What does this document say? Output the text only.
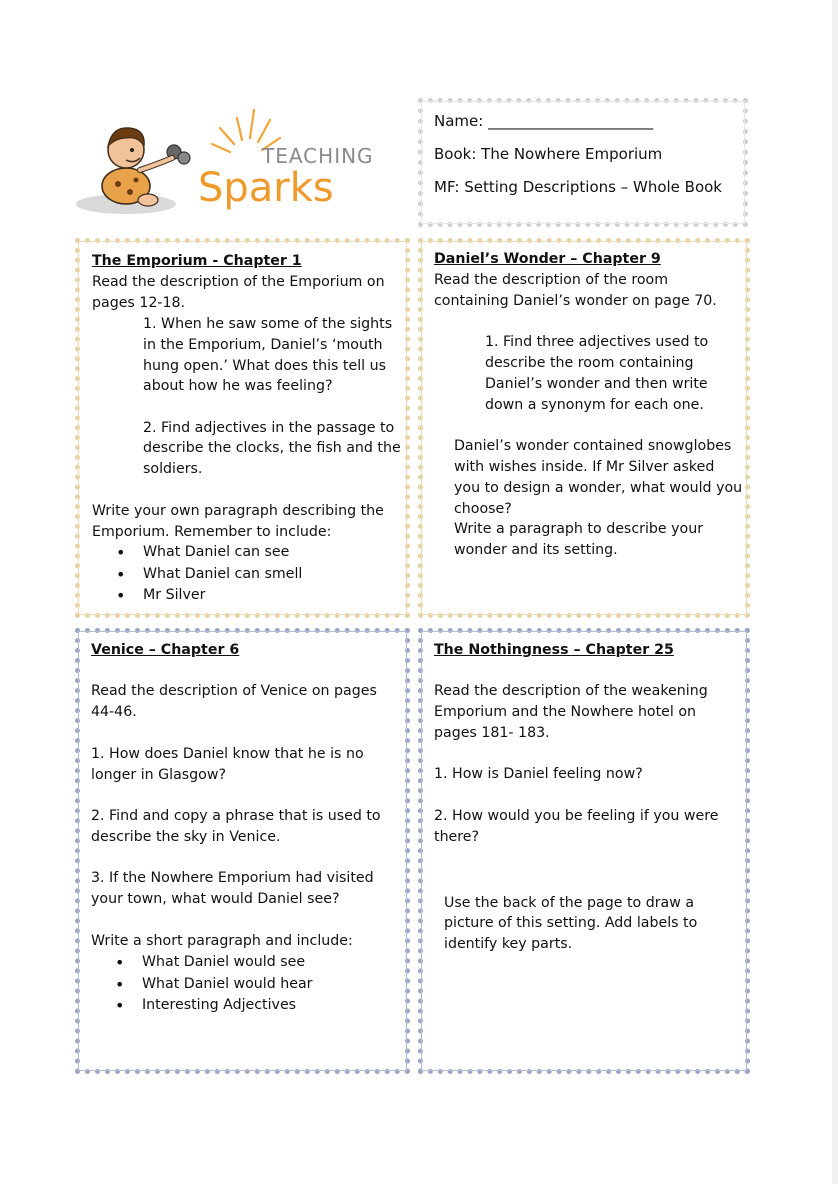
TEACHING
Sparks
Name: ______________________
Book: The Nowhere Emporium
MF: Setting Descriptions – Whole Book
The Emporium - Chapter 1
Read the description of the Emporium on
pages 12-18.
1. When he saw some of the sights
in the Emporium, Daniel’s ‘mouth
hung open.’ What does this tell us
about how he was feeling?
2. Find adjectives in the passage to
describe the clocks, the fish and the
soldiers.
Write your own paragraph describing the
Emporium. Remember to include:
• What Daniel can see
• What Daniel can smell
• Mr Silver
Daniel’s Wonder – Chapter 9
Read the description of the room
containing Daniel’s wonder on page 70.
1. Find three adjectives used to
describe the room containing
Daniel’s wonder and then write
down a synonym for each one.
Daniel’s wonder contained snowglobes
with wishes inside. If Mr Silver asked
you to design a wonder, what would you
choose?
Write a paragraph to describe your
wonder and its setting.
Venice – Chapter 6
Read the description of Venice on pages
44-46.
1. How does Daniel know that he is no
longer in Glasgow?
2. Find and copy a phrase that is used to
describe the sky in Venice.
3. If the Nowhere Emporium had visited
your town, what would Daniel see?
Write a short paragraph and include:
• What Daniel would see
• What Daniel would hear
• Interesting Adjectives
The Nothingness – Chapter 25
Read the description of the weakening
Emporium and the Nowhere hotel on
pages 181- 183.
1. How is Daniel feeling now?
2. How would you be feeling if you were
there?
Use the back of the page to draw a
picture of this setting. Add labels to
identify key parts.
